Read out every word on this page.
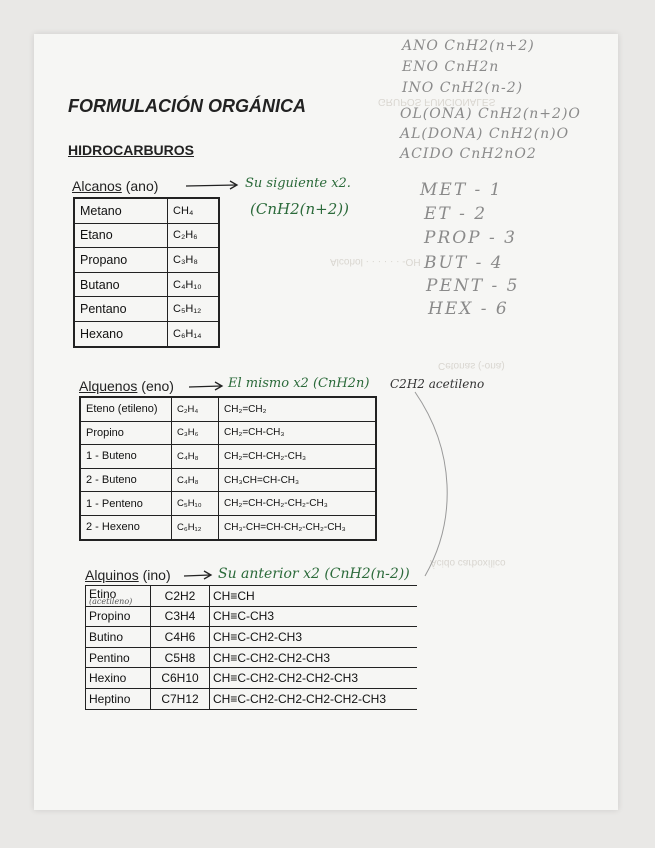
GRUPOS FUNCIONALES
Alcohol · · · · · · -OH
Cetonas (-ona)
Ácido carboxílico
FORMULACIÓN ORGÁNICA
HIDROCARBUROS
ANO CnH2(n+2)
ENO CnH2n
INO CnH2(n-2)
OL(ONA) CnH2(n+2)O
AL(DONA) CnH2(n)O
ACIDO CnH2nO2
MET - 1
ET - 2
PROP - 3
BUT - 4
PENT - 5
HEX - 6
Alcanos (ano)	Su siguiente x2.
(CnH2(n+2))
Metano	CH₄
Etano	C₂H₆
Propano	C₃H₈
Butano	C₄H₁₀
Pentano	C₅H₁₂
Hexano	C₆H₁₄
Alquenos (eno)	El mismo x2 (CnH2n) C2H2 acetileno
Eteno (etileno)	C₂H₄	CH₂=CH₂
Propino	C₃H₆	CH₂=CH-CH₃
1 - Buteno	C₄H₈	CH₂=CH-CH₂-CH₃
2 - Buteno	C₄H₈	CH₃CH=CH-CH₃
1 - Penteno	C₅H₁₀	CH₂=CH-CH₂-CH₂-CH₃
2 - Hexeno	C₆H₁₂	CH₃-CH=CH-CH₂-CH₂-CH₃
Alquinos (ino)	Su anterior x2 (CnH2(n-2))
Etino
(acetileno)	C2H2	CH≡CH
Propino	C3H4	CH≡C-CH3
Butino	C4H6	CH≡C-CH2-CH3
Pentino	C5H8	CH≡C-CH2-CH2-CH3
Hexino	C6H10	CH≡C-CH2-CH2-CH2-CH3
Heptino	C7H12	CH≡C-CH2-CH2-CH2-CH2-CH3
